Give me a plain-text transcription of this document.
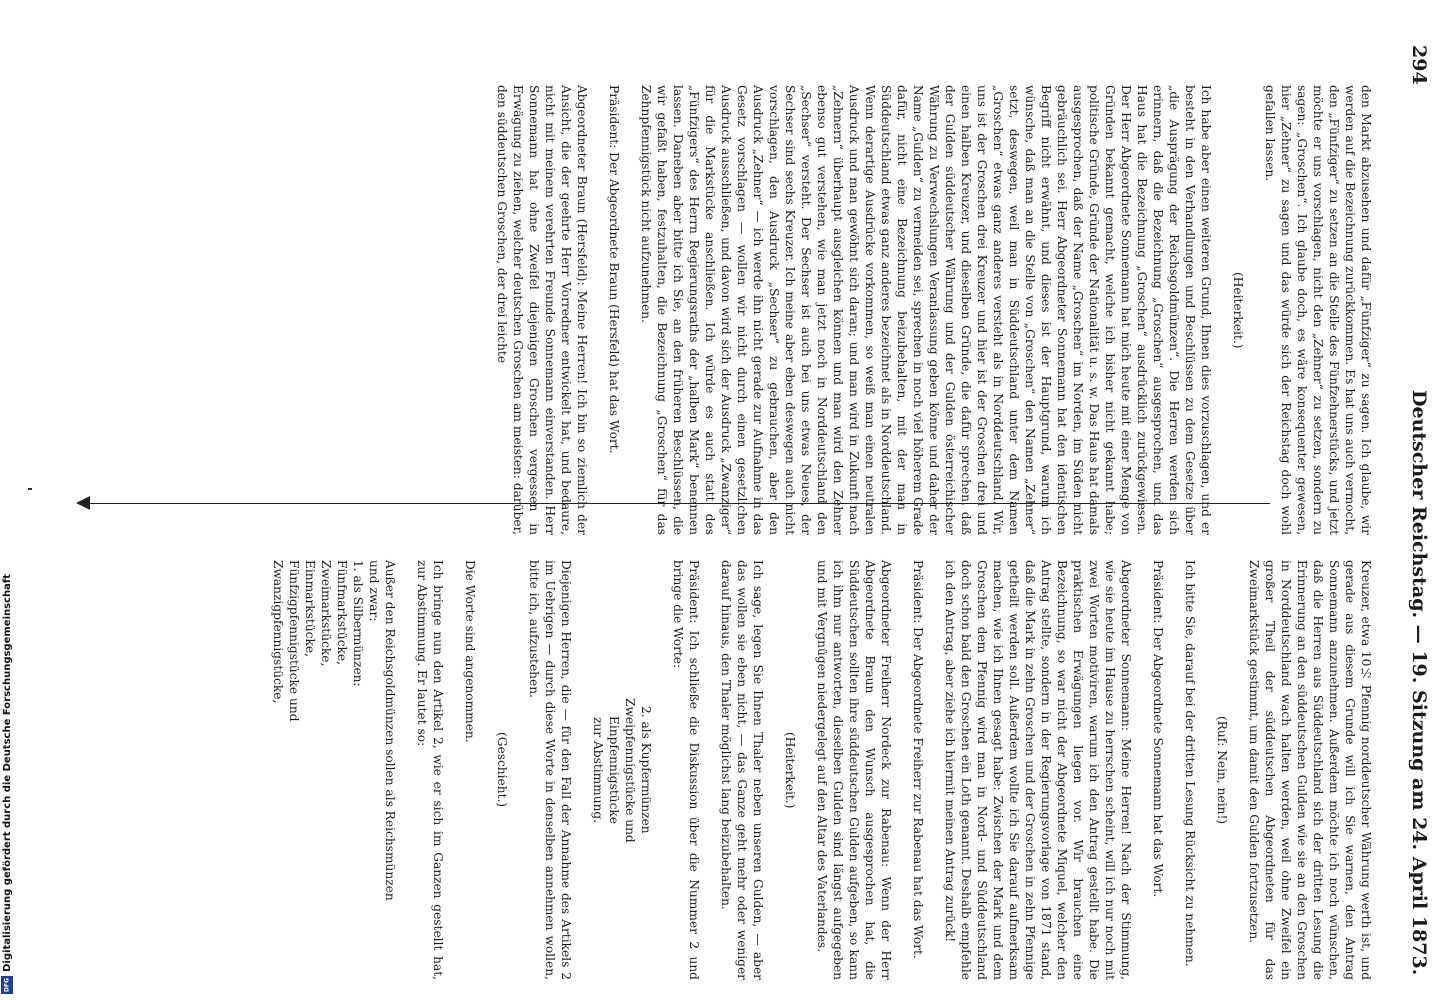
294
Deutscher Reichstag. — 19. Sitzung am 24. April 1873.

den Markt abzusehen und dafür „Fünfziger“ zu sagen. Ich glaube, wir werden auf die Bezeichnung zurückkommen. Es hat uns auch vermocht, den „Fünfziger“ zu setzen an die Stelle des Fünfzehnerstücks, und jetzt möchte er uns vorschlagen, nicht den „Zehner“ zu setzen, sondern zu sagen: „Groschen“. Ich glaube doch, es wäre konsequenter gewesen, hier „Zehner“ zu sagen und das würde sich der Reichstag doch wohl gefallen lassen.

(Heiterkeit.)

Ich habe aber einen weiteren Grund, Ihnen dies vorzuschlagen, und er besteht in den Verhandlungen und Beschlüssen zu dem Gesetze über „die Ausprägung der Reichsgoldmünzen“. Die Herren werden sich erinnern, daß die Bezeichnung „Groschen“ ausgesprochen, und das Haus hat die Bezeichnung „Groschen“ ausdrücklich zurückgewiesen. Der Herr Abgeordnete Sonnemann hat mich heute mit einer Menge von Gründen bekannt gemacht, welche ich bisher nicht gekannt habe; politische Gründe, Gründe der Nationalität u. s. w. Das Haus hat damals ausgesprochen, daß der Name „Groschen“ im Norden, im Süden nicht gebräuchlich sei. Herr Abgeordneter Sonnemann hat den identischen Begriff nicht erwähnt, und dieses ist der Hauptgrund, warum ich wünsche, daß man an die Stelle von „Groschen“ den Namen „Zehner“ setzt, deswegen, weil man in Süddeutschland unter dem Namen „Groschen“ etwas ganz anderes versteht als in Norddeutschland. Wir, uns ist der Groschen drei Kreuzer und hier ist der Groschen drei und einen halben Kreuzer, und dieselben Gründe, die dafür sprechen, daß der Gulden süddeutscher Währung und der Gulden österreichischer Währung zu Verwechslungen Veranlassung geben könne und daher der Name „Gulden“ zu vermeiden sei, sprechen in noch viel höherem Grade dafür, nicht eine Bezeichnung beizubehalten, mit der man in Süddeutschland etwas ganz anderes bezeichnet als in Norddeutschland. Wenn derartige Ausdrücke vorkommen, so weiß man einen neutralen Ausdruck und man gewöhnt sich daran; und man wird in Zukunft nach „Zehnern“ überhaupt ausgleichen können und man wird den Zehner ebenso gut verstehen, wie man jetzt noch in Norddeutschland den „Sechser“ versteht. Der Sechser ist auch bei uns etwas Neues, der Sechser sind sechs Kreuzer. Ich meine aber eben deswegen auch nicht vorschlagen, den Ausdruck „Sechser“ zu gebrauchen, aber den Ausdruck „Zehner“ — ich werde ihn nicht gerade zur Aufnahme in das Gesetz vorschlagen — wollen wir nicht durch einen gesetzlichen Ausdruck ausschließen, und davon wird sich der Ausdruck „Zwanziger“ für die Markstücke anschließen. Ich würde es auch statt des „Fünfzigers“ des Herrn Regierungsraths der „halben Mark“ benennen lassen. Daneben aber bitte ich Sie, an den früheren Beschlüssen, die wir gefaßt haben, festzuhalten, die Bezeichnung „Groschen“ für das Zehnpfennigstück nicht aufzunehmen.

Präsident: Der Abgeordnete Braun (Hersfeld) hat das Wort.

Abgeordneter Braun (Hersfeld): Meine Herren! Ich bin so ziemlich der Ansicht, die der geehrte Herr Vorredner entwickelt hat, und bedaure, nicht mit meinem verehrten Freunde Sonnemann einverstanden. Herr Sonnemann hat ohne Zweifel diejenigen Groschen vergessen in Erwägung zu ziehen, welcher deutschen Groschen am meisten: darüber, den süddeutschen Groschen, der drei leichte

Kreuzer, etwa 10½ Pfennig norddeutscher Währung werth ist, und gerade aus diesem Grunde will ich Sie warnen, den Antrag Sonnemann anzunehmen. Außerdem möchte ich noch wünschen, daß die Herren aus Süddeutschland sich der dritten Lesung die Erinnerung an den süddeutschen Gulden wie sie an den Groschen in Norddeutschland wach halten werden, weil ohne Zweifel ein großer Theil der süddeutschen Abgeordneten für das Zweimarkstück gestimmt, um damit den Gulden fortzusetzen.

(Ruf: Nein, nein!)

Ich bitte Sie, darauf bei der dritten Lesung Rücksicht zu nehmen.

Präsident: Der Abgeordnete Sonnemann hat das Wort.

Abgeordneter Sonnemann: Meine Herren! Nach der Stimmung, wie sie heute im Hause zu herrschen scheint, will ich nur noch mit zwei Worten motiviren, warum ich den Antrag gestellt habe. Die praktischen Erwägungen liegen vor. Wir brauchen eine Bezeichnung, so war nicht der Abgeordnete Miquel, welcher den Antrag stellte, sondern in der Regierungsvorlage von 1871 stand, daß die Mark in zehn Groschen und der Groschen in zehn Pfennige getheilt werden soll. Außerdem wollte ich Sie darauf aufmerksam machen, wie ich Ihnen gesagt habe: Zwischen der Mark und dem Groschen dem Pfennig wird man in Nord- und Süddeutschland doch schon bald den Groschen ein Loth genannt. Deshalb empfehle ich den Antrag, aber ziehe ich hiermit meinen Antrag zurück!

Präsident: Der Abgeordnete Freiherr zur Rabenau hat das Wort.

Abgeordneter Freiherr Nordeck zur Rabenau: Wenn der Herr Abgeordnete Braun den Wunsch ausgesprochen hat, die Süddeutschen sollten ihre süddeutschen Gulden aufgeben, so kann ich ihm nur antworten, dieselben Gulden sind längst aufgegeben und mit Vergnügen niedergelegt auf den Altar des Vaterlandes.

(Heiterkeit.)

Ich sage, legen Sie Ihnen Thaler neben unseren Gulden, — aber das wollen sie eben nicht, — das Ganze geht mehr oder weniger darauf hinaus, den Thaler möglichst lang beizubehalten.

Präsident: Ich schließe die Diskussion über die Nummer 2 und bringe die Worte:

2. als Kupfermünzen
Zweipfennigstücke und
Einpfennigstücke
zur Abstimmung.

Diejenigen Herren, die — für den Fall der Annahme des Artikels 2 im Uebrigen — durch diese Worte in denselben annehmen wollen, bitte ich, aufzustehen.

(Geschieht.)

Die Worte sind angenommen.

Ich bringe nun den Artikel 2, wie er sich im Ganzen gestellt hat, zur Abstimmung. Er lautet so:

Außer den Reichsgoldmünzen sollen als Reichsmünzen
und zwar:
1. als Silbermünzen:
Fünfmarkstücke,
Zweimarkstücke,
Einmarkstücke,
Fünfzigpfennigstücke und
Zwanzigpfennigstücke,

Digitalisierung gefördert durch die Deutsche Forschungsgemeinschaft
DFG
